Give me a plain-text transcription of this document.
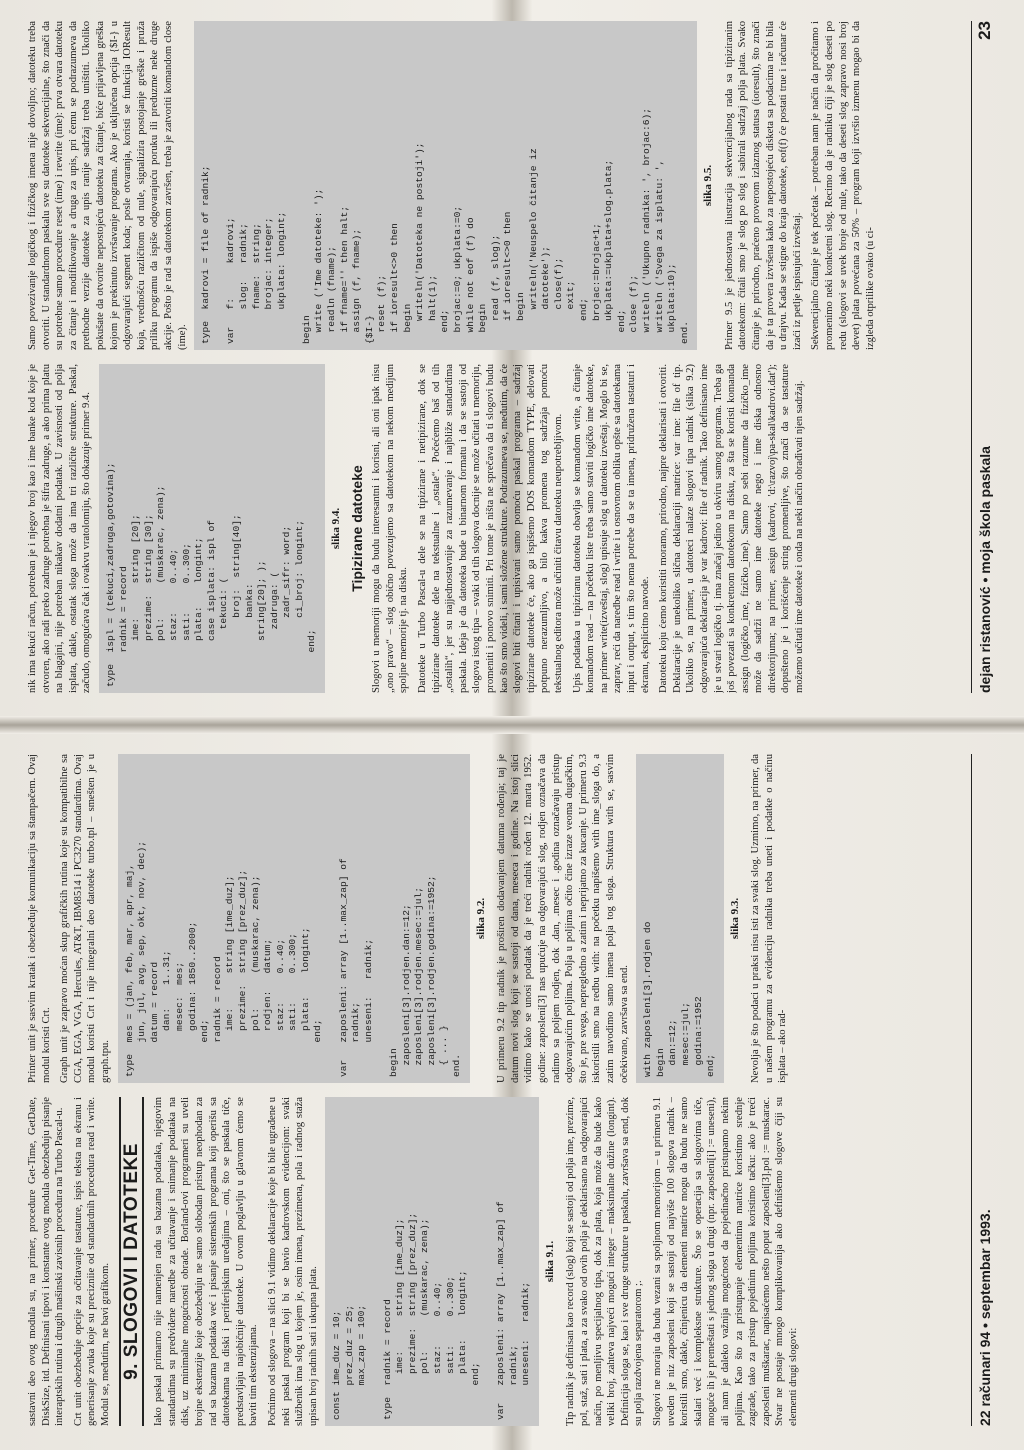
sastavni deo ovog modula su, na primer, procedure Get-Time, GetDate, DiskSize, itd. Definisani tipovi i konstante ovog modula obezbeđuju pisanje interaptskih rutina i drugih mašinski zavisnih procedura na Turbo Pascal-u. Crt unit obezbeđuje opcije za očitavanje tastature, ispis teksta na ekranu i generisanje zvuka koje su precizniie od standardnih procedura read i write. Modul se, međutim, ne bavi grafikom. 9. SLOGOVI I DATOTEKE Iako paskal primarno nije namenjen radu sa bazama podataka, njegovim standardima su predviđene naredbe za učitavanje i snimanje podataka na disk, uz minimalne mogućnosti obrade. Borland-ovi programeri su uveli brojne ekstenzije koje obezbeđuju ne samo slobodan pristup neophodan za rad sa bazama podataka već i pisanje sistemskih programa koji operišu sa datotekama na diski i periferijskim uređajima – oni, što se paskala tiče, predstavljaju najobičnije datoteke. U ovom poglavlju u glavnom ćemo se baviti tim ekstenzijama. Počnimo od slogova – na slici 9.1 vidimo deklaracije koje bi bile ugrađene u neki paskal program koji bi se bavio kadrovskom evidencijom: svaki službenik ima slog u kojem je, osim imena, prezimena, pola i radnog staža upisan broj radnih sati i ukupna plata.	const ime_duz = 10;
prez_duz = 25;
max_zap = 100;

type  radnik = record
ime:      string [ime_duz];
prezime:  string [prez_duz];
pol:      (muskarac, zena);
staz:     0..40;
sati:     0..300;
plata:    longint;
end;

var   zaposleni: array [1..max_zap] of
radnik;
uneseni:   radnik;
slika 9.1. Tip radnik je definisan kao record (slog) koji se sastoji od polja ime, prezime, pol, staž, sati i plata, a za svako od ovih polja je deklarisano na odgovarajući način, po menljivu specijalnog tipa, dok za plata, koja može da bude kako veliki broj, zahteva najveći mogući integer – maksimalne dužine (longint). Definicija sloga se, kao i sve druge strukture u paskalu, završava sa end, dok su polja razdvojena separatorom ;. Slogovi ne moraju da budu vezani sa spoljnom memorijom – u primeru 9.1 uveden je niz zaposleni koji se sastoji od najviše 100 slogova radnik – koristili smo, dakle, činjenicu da elementi matrice mogu da budu ne samo skalari već i kompleksne strukture. Što se operacija sa slogovima tiče, moguće ih je premeštati s jednog sloga u drugi (npr. zaposleni[i] := uneseni), ali nam je daleko važnija mogućnost da pojedinačno pristupamo nekim poljima. Kao što za pristupanje elementima matrice koristimo srednje zagrade, tako za pristup pojedinim poljima koristimo tačku: ako je treći zaposleni muškarac, napisaćemo nešto poput zaposleni[3].pol := muskarac. Stvar ne postaje mnogo komplikovanija ako definišemo slogove čiji su elementi drugi slogovi:

Printer unit je sasvim kratak i obezbeđuje komunikaciju sa štampačem. Ovaj modul koristi Crt. Graph unit je zapravo moćan skup grafičkih rutina koje su kompatibilne sa CGA, EGA, VGA, Hercules, AT&T, IBM8514 i PC3270 standardima. Ovaj modul koristi Crt i nije integralni deo datoteke turbo.tpl – smešten je u graph.tpu.	type  mes = (jan, feb, mar, apr, maj,
jun, jul, avg, sep, okt, nov, dec);
datum = record
dan:    1..31;
mesec:  mes;
godina: 1850..2000;
end;
radnik = record
ime:      string [ime_duz];
prezime:  string [prez_duz];
pol:      (muskarac, zena);
rodjen:   datum;
staz:     0..40;
sati:     0..300;
plata:    longint;
end;

var   zaposleni: array [1..max_zap] of
radnik;
uneseni:   radnik;

begin
zaposleni[3].rodjen.dan:=12;
zaposleni[3].rodjen.mesec:=jul;
zaposleni[3].rodjen.godina:=1952;
{ ... }
end.
slika 9.2. U primeru 9.2 tip radnik je proširen dodavanjem datuma rođenja; taj je datum novi slog koji se sastoji od dana, meseca i godine. Na istoj slici vidimo kako se unosi podatak da je treći radnik rođen 12. marta 1952. godine: zaposleni[3] nas upućuje na odgovarajući slog, rodjen označava da radimo sa poljem rodjen, dok .dan, .mesec i .godina označavaju pristup odgovarajućim poljima. Polja u poljima očito čine izraze veoma dugačkim, što je, pre svega, nepregledno a zatim i neprijatno za kucanje. U primeru 9.3 iskoristili smo na redbu with: na početku napišemo with ime_sloga do, a zatim navodimo samo imena polja tog sloga. Struktura with se, sasvim očekivano, završava sa end.	with zaposleni[3].rodjen do
begin
dan:=12;
mesec:=jul;
godina:=1952
end;
slika 9.3. Nevolja je što podaci u praksi nisu isti za svaki slog. Uzmimo, na primer, da u našem programu za evidenciju radnika treba uneti i podatke o načinu isplata – ako rad-

22 računari 94 • septembar 1993.

nik ima tekući račun, potreban je i njegov broj kao i ime banke kod koje je otvoren, ako radi preko zadruge potrebna je šifra zadruge, a ako prima platu na blagajni, nije potreban nikakav dodatni podatak. U zavisnosti od polja isplata, dakle, ostatak sloga može da ima tri različite strukture. Paskal, začudo, omogućava čak i ovakvu vratolomiju, što dokazuje primer 9.4.	type  ispl = (tekuci,zadruga,gotovina);
radnik = record
ime:      string [20];
prezime:  string [30];
pol:      (muskarac, zena);
staz:     0..40;
sati:     0..300;
plata:    longint;
case isplata: ispl of
tekuci: (
broj:  string[40];
banka:
string[20]; );
zadruga: (
zadr_sifr: word;
ci_broj: longint;
end;
slika 9.4. Tipizirane datoteke Slogovi u memoriji mogu da budu interesantni i korisni, ali oni ipak nisu „ono pravo“ – slog obično povezujemo sa datotekom na nekom medijum spoljne memorije tj. na disku. Datoteke u Turbo Pascal-u dele se na tipizirane i netipizirane, dok se tipizirane datoteke dele na tekstualne i „ostale“. Počećemo baš od tih „ostalih“, jer su najjednostavnije za razumevanje i najbliže standardima paskala. Ideja je da datoteka bude u binarnom formatu i da se sastoji od slogova istog tipa – svaki od tih slogova docnije se može učitati u memoriju, promeniti i ponovo snimiti. Pri tome je ništa ne sprečava da ti slogovi budu kao što smo videli, i sami složene strukture. Podrazumeva se, međutim, da će slogovi biti čitani i upisivani samo pomoću paskal programa – sadržaj tipizirane datoteke će, ako ga ispišemo DOS komandom TYPE, delovati potpuno nerazumljivo, a bilo kakva promena tog sadržaja pomoću tekstualnog editora može učiniti čitavu datoteku neupotrebljivom. Upis podataka u tipiziranu datoteku obavlja se komandom write, a čitanje komandom read – na početku liste treba samo staviti logičko ime datoteke, na primer write(izveštaj, slog) upisuje slog u datoteku izveštaj. Moglo bi se, zaprav, reći da naredbe read i write i u osnovnom obliku opšte sa datotekama input i output, s tim što nema potrebe da se ta imena, pridružena tastaturi i ekranu, eksplicitno navode. Datoteku koju ćemo koristiti moramo, prirodno, najpre deklarisati i otvoriti. Deklaracije je unekoliko slična deklaraciji matrice: var ime: file of tip. Ukoliko se, na primer, u datoteci nalaze slogovi tipa radnik (slika 9.2) odgovarajuća deklaracija je var kadrovi: file of radnik. Tako definisano ime je u stvari logičko tj. ima značaj jedino u okviru samog programa. Treba ga još povezati sa konkretnom datotekom na disku, za šta se koristi komanda assign (logičko_ime, fizičko_ime). Samo po sebi razume da fizičko_ime može da sadrži ne samo ime datoteke nego i ime diska odnosno direktorijuma; na primer, assign (kadrovi, 'd:\razvoj\pa-skal\kadrovi.dat'); dopušteno je i korišćenje string promenljive, što znači da se tastature možemo učitati ime datoteke i onda na neki način obrađivati njen sadržaj.

Samo povezivanje logičkog i fizičkog imena nije dovoljno; datoteku treba otvoriti. U standardnom paskalu sve su datoteke sekvencijalne, što znači da su potrebne samo procedure reset (ime) i rewrite (ime): prva otvara datoteku za čitanje i modifikovanje a druga za upis, pri čemu se podrazumeva da prethodne verzije datoteke za upis ranije sadržaj treba uništiti. Ukoliko pokušate da otvorite nepostojeću datoteku za čitanje, biće prijavljena greška kojom je prekinuto izvršavanje programa. Ako je uključena opcija {$I-} u odgovarajući segment koda; posle otvaranja, koristi se funkcija IOResult koja, vrednošću različitom od nule, signalizira postojanje greške i pruža priliku programu da ispiše odgovarajuću poruku ili preduzme neke druge akcije. Pošto je rad sa datotekom završen, treba je zatvoriti komandom close (ime).	type  kadrovi = file of radnik;

var   f:      kadrovi;
slog:   radnik;
fname:  string;
brojac: integer;
ukplata: longint;

begin
write ('Ime datoteke: ');
readln (fname);
if fname='' then halt;
assign (f, fname);
{$I-}
reset (f);
if ioresult<>0 then
begin
writeln('Datoteka ne postoji');
halt(1);
end;
brojac:=0; ukplata:=0;
while not eof (f) do
begin
read (f, slog);
if ioresult<>0 then
begin
writeln('Neuspelo čitanje iz
datoteke');
close(f);
exit;
end;
brojac:=brojac+1;
ukplata:=ukplata+slog.plata;
end;
close (f);
writeln ('Ukupno radnika: ', brojac:6);
writeln ('Svega za isplatu: ',
ukplata:10);
end.
slika 9.5. Primer 9.5 je jednostavna ilustracija sekvencijalnog rada sa tipiziranim datotekom: čitali smo je slog po slog i sabirali sadržaj polja plata. Svako čitanje je, prirodno, praćeno proverom izlaznog statusa (ioresult), što znači da je ta provera izvršena kako za nepostojeću disketa sa podacima ne bi bila u drajvu. Kada se stigne do kraja datoteke, eof(f) će postati true i računar će izaći iz petlje ispisujući izveštaj. Sekvencijalno čitanje je tek početak – potreban nam je način da pročitamo i promenimo neki konkretni slog. Recimo da je radniku čiji je slog deseti po redu (slogovi se uvek broje od nule, tako da deseti slog zapravo nosi broj devet) plata povećana za 50% – program koji izvršio izmenu mogao bi da izgleda otprilike ovako (u ci-

dejan ristanović • moja škola paskala
23
